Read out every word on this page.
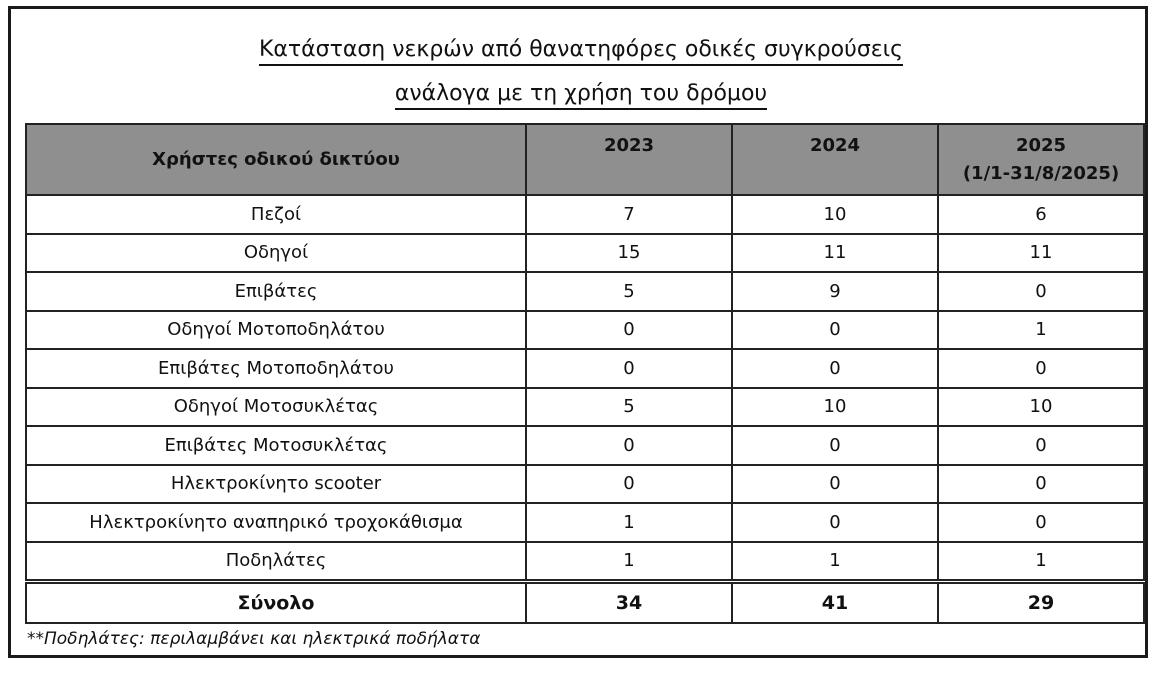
Κατάσταση νεκρών από θανατηφόρες οδικές συγκρούσεις
ανάλογα με τη χρήση του δρόμου
Χρήστες οδικού δικτύου	2023	2024	2025
(1/1-31/8/2025)
Πεζοί	7	10	6
Οδηγοί	15	11	11
Επιβάτες	5	9	0
Οδηγοί Μοτοποδηλάτου	0	0	1
Επιβάτες Μοτοποδηλάτου	0	0	0
Οδηγοί Μοτοσυκλέτας	5	10	10
Επιβάτες Μοτοσυκλέτας	0	0	0
Ηλεκτροκίνητο scooter	0	0	0
Ηλεκτροκίνητο αναπηρικό τροχοκάθισμα	1	0	0
Ποδηλάτες	1	1	1
Σύνολο	34	41	29
**Ποδηλάτες: περιλαμβάνει και ηλεκτρικά ποδήλατα
